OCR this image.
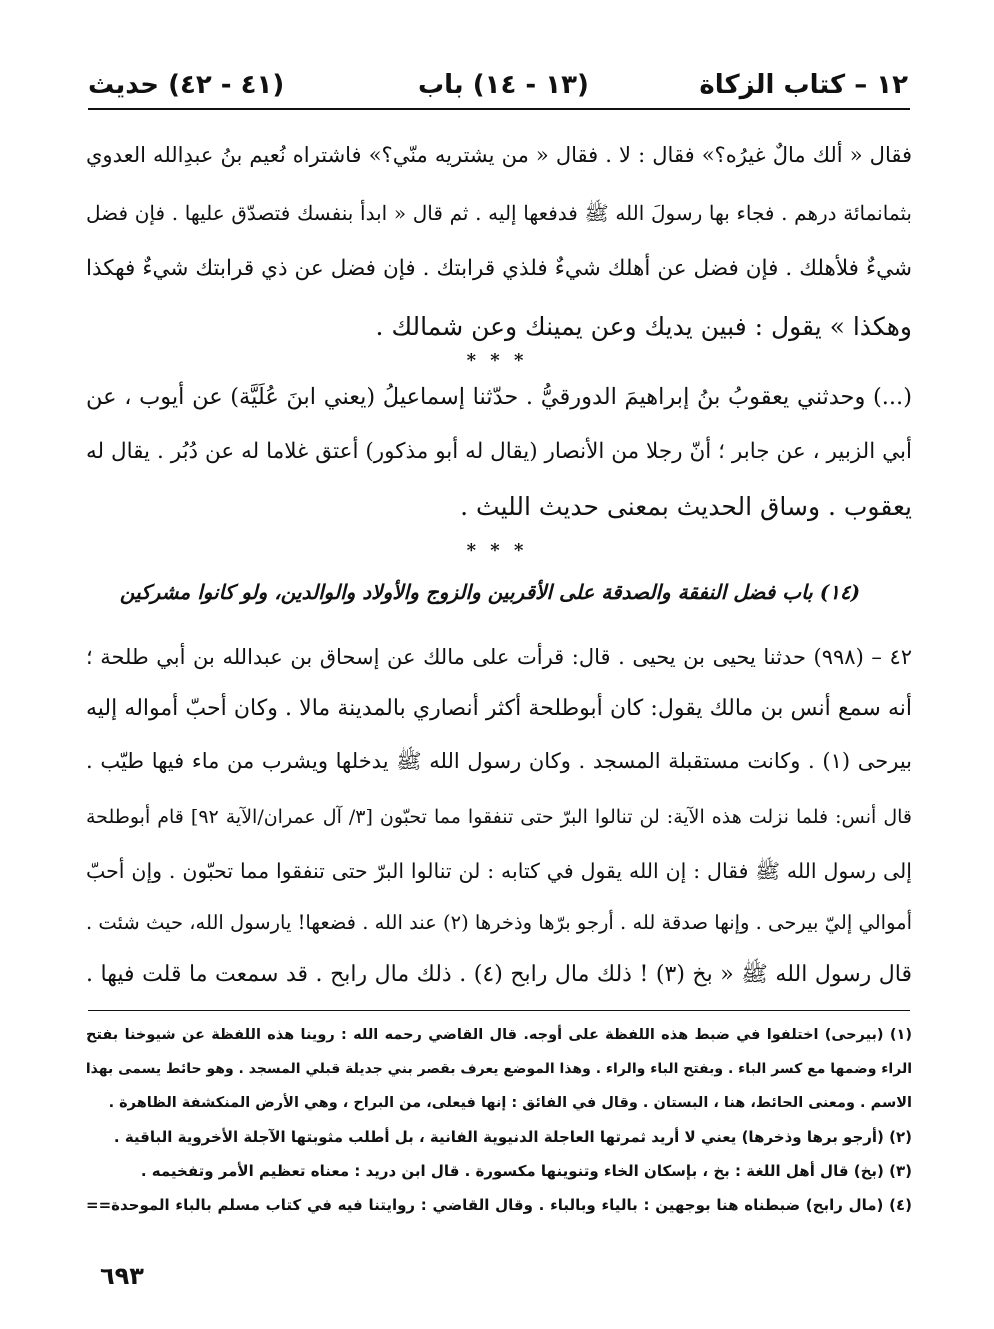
(٤١ - ٤٢) حديث	(١٣ - ١٤) باب	١٢ – كتاب الزكاة
فقال « ألك مالٌ غيرُه؟» فقال : لا . فقال « من يشتريه منّي؟» فاشتراه نُعيم بنُ عبدِالله العدوي
بثمانمائة درهم . فجاء بها رسولَ الله ﷺ فدفعها إليه . ثم قال « ابدأ بنفسك فتصدّق عليها . فإن فضل
شيءٌ فلأهلك . فإن فضل عن أهلك شيءٌ فلذي قرابتك . فإن فضل عن ذي قرابتك شيءٌ فهكذا
وهكذا » يقول : فبين يديك وعن يمينك وعن شمالك .
* * *
(...) وحدثني يعقوبُ بنُ إبراهيمَ الدورقيُّ . حدّثنا إسماعيلُ (يعني ابنَ عُلَيَّة) عن أيوب ، عن
أبي الزبير ، عن جابر ؛ أنّ رجلا من الأنصار (يقال له أبو مذكور) أعتق غلاما له عن دُبُر . يقال له
يعقوب . وساق الحديث بمعنى حديث الليث .
* * *
(١٤) باب فضل النفقة والصدقة على الأقربين والزوج والأولاد والوالدين، ولو كانوا مشركين
٤٢ – (٩٩٨) حدثنا يحيى بن يحيى . قال: قرأت على مالك عن إسحاق بن عبدالله بن أبي طلحة ؛
أنه سمع أنس بن مالك يقول: كان أبوطلحة أكثر أنصاري بالمدينة مالا . وكان أحبّ أمواله إليه
بيرحى (١) . وكانت مستقبلة المسجد . وكان رسول الله ﷺ يدخلها ويشرب من ماء فيها طيّب .
قال أنس: فلما نزلت هذه الآية: لن تنالوا البرّ حتى تنفقوا مما تحبّون [٣/ آل عمران/الآية ٩٢] قام أبوطلحة
إلى رسول الله ﷺ فقال : إن الله يقول في كتابه : لن تنالوا البرّ حتى تنفقوا مما تحبّون . وإن أحبّ
أموالي إليّ بيرحى . وإنها صدقة لله . أرجو برّها وذخرها (٢) عند الله . فضعها! يارسول الله، حيث شئت .
قال رسول الله ﷺ « بخ (٣) ! ذلك مال رابح (٤) . ذلك مال رابح . قد سمعت ما قلت فيها .
(١) (بيرحى) اختلفوا في ضبط هذه اللفظة على أوجه. قال القاضي رحمه الله : روينا هذه اللفظة عن شيوخنا بفتح
الراء وضمها مع كسر الباء . وبفتح الباء والراء . وهذا الموضع يعرف بقصر بني جديلة قبلي المسجد . وهو حائط يسمى بهذا
الاسم . ومعنى الحائط، هنا ، البستان . وقال في الفائق : إنها فيعلى، من البراح ، وهي الأرض المنكشفة الظاهرة .
(٢) (أرجو برها وذخرها) يعني لا أريد ثمرتها العاجلة الدنيوية الفانية ، بل أطلب مثوبتها الآجلة الأخروية الباقية .
(٣) (بخ) قال أهل اللغة : بخ ، بإسكان الخاء وتنوينها مكسورة . قال ابن دريد : معناه تعظيم الأمر وتفخيمه .
(٤) (مال رابح) ضبطناه هنا بوجهين : بالياء وبالباء . وقال القاضي : روايتنا فيه في كتاب مسلم بالباء الموحدة==
٦٩٣
